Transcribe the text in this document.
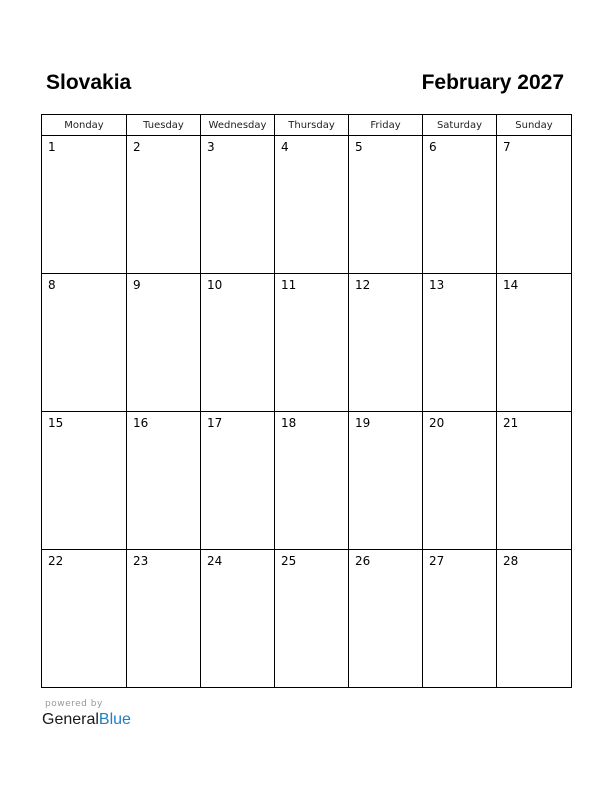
Slovakia	February 2027
Monday	Tuesday	Wednesday	Thursday	Friday	Saturday	Sunday

1	2	3	4	5	6	7

8	9	10	11	12	13	14

15	16	17	18	19	20	21

22	23	24	25	26	27	28
powered by
GeneralBlue
